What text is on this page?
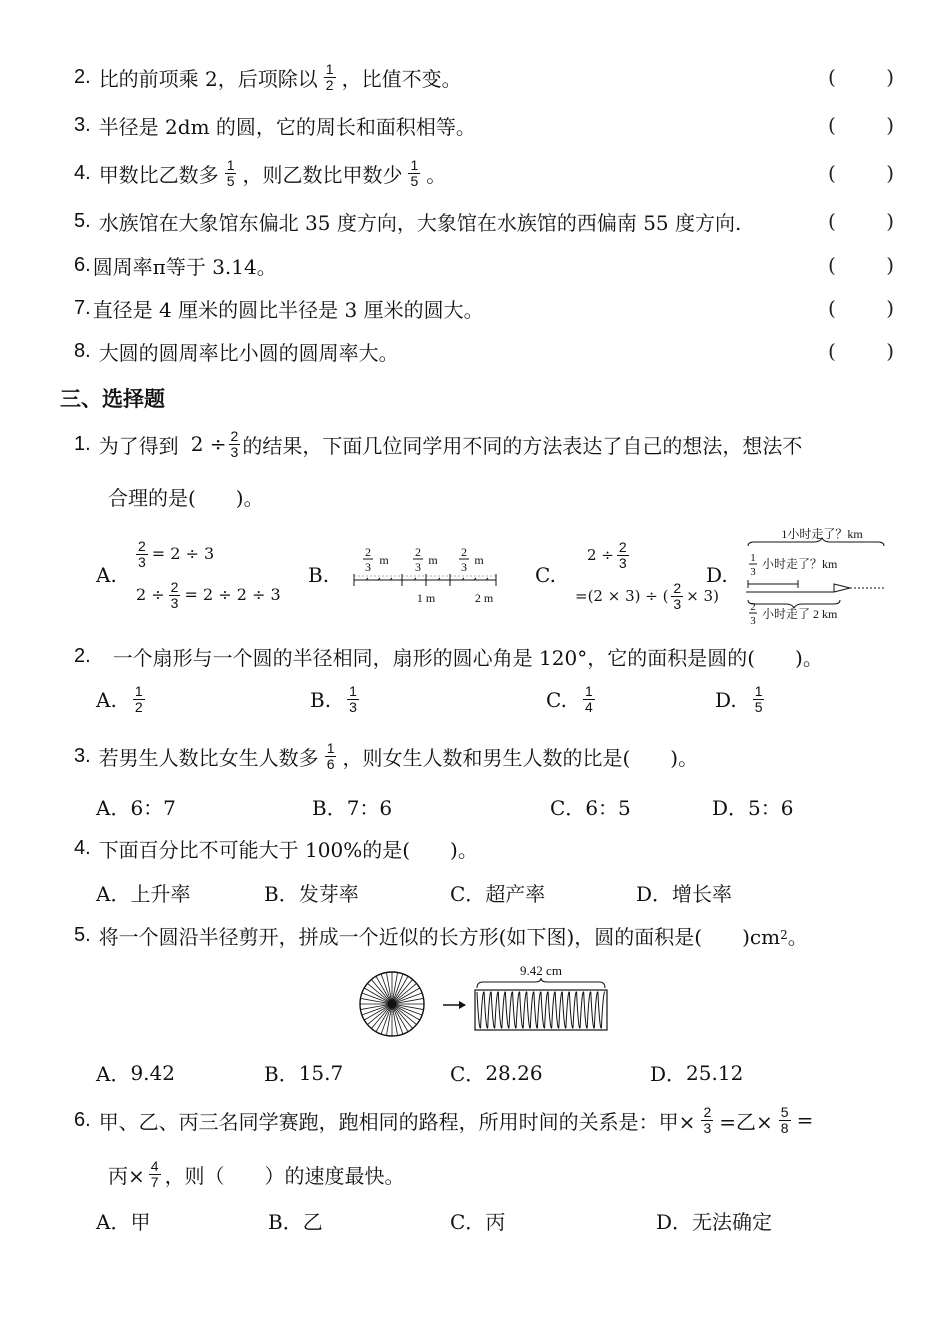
2. 比的前项乘 2，后项除以 $\frac{1}{2}$ ，比值不变。	(	)
3. 半径是 2dm 的圆，它的周长和面积相等。	(	)
4. 甲数比乙数多 $\frac{1}{5}$ ，则乙数比甲数少 $\frac{1}{5}$ 。	(	)
5. 水族馆在大象馆东偏北 35 度方向，大象馆在水族馆的西偏南 55 度方向.	(	)
6. 圆周率π等于 3.14。	(	)
7. 直径是 4 厘米的圆比半径是 3 厘米的圆大。	(	)
8. 大圆的圆周率比小圆的圆周率大。	(	)
三、选择题
1. 为了得到 $2 \div \frac{2}{3}$ 的结果，下面几位同学用不同的方法表达了自己的想法，想法不
合理的是(　　)。
A.
$\frac{2}{3} = 2 \div 3$
$2 \div \frac{2}{3} = 2 \div 2 \div 3$
B.
2
3 m
2
3 m
2
3 m
1 m	2 m
C.
$2 \div \frac{2}{3}$
=(2 × 3) ÷ ( $\frac{2}{3} \times 3$)
D.
1小时走了？km
1
3
小时走了？km
2
3 小时走了 2 km
2. 一个扇形与一个圆的半径相同，扇形的圆心角是 120°，它的面积是圆的(　　)。
A. $\frac{1}{2}$	B. $\frac{1}{3}$	C. $\frac{1}{4}$	D. $\frac{1}{5}$
3. 若男生人数比女生人数多 $\frac{1}{6}$ ，则女生人数和男生人数的比是(　　)。
A． 6：7	B． 7：6	C． 6：5	D． 5：6
4. 下面百分比不可能大于 100%的是(　　)。
A． 上升率	B． 发芽率	C． 超产率	D． 增长率
5. 将一个圆沿半径剪开，拼成一个近似的长方形(如下图)，圆的面积是(　　)cm 2 。
9.42 cm
A． 9.42	B． 15.7	C． 28.26	D． 25.12
6. 甲、乙、丙三名同学赛跑，跑相同的路程，所用时间的关系是：甲× $\frac{2}{3}$ =乙× $\frac{5}{8}$ =
丙× $\frac{4}{7}$ ，则（　　）的速度最快。
A． 甲	B． 乙	C． 丙	D． 无法确定
